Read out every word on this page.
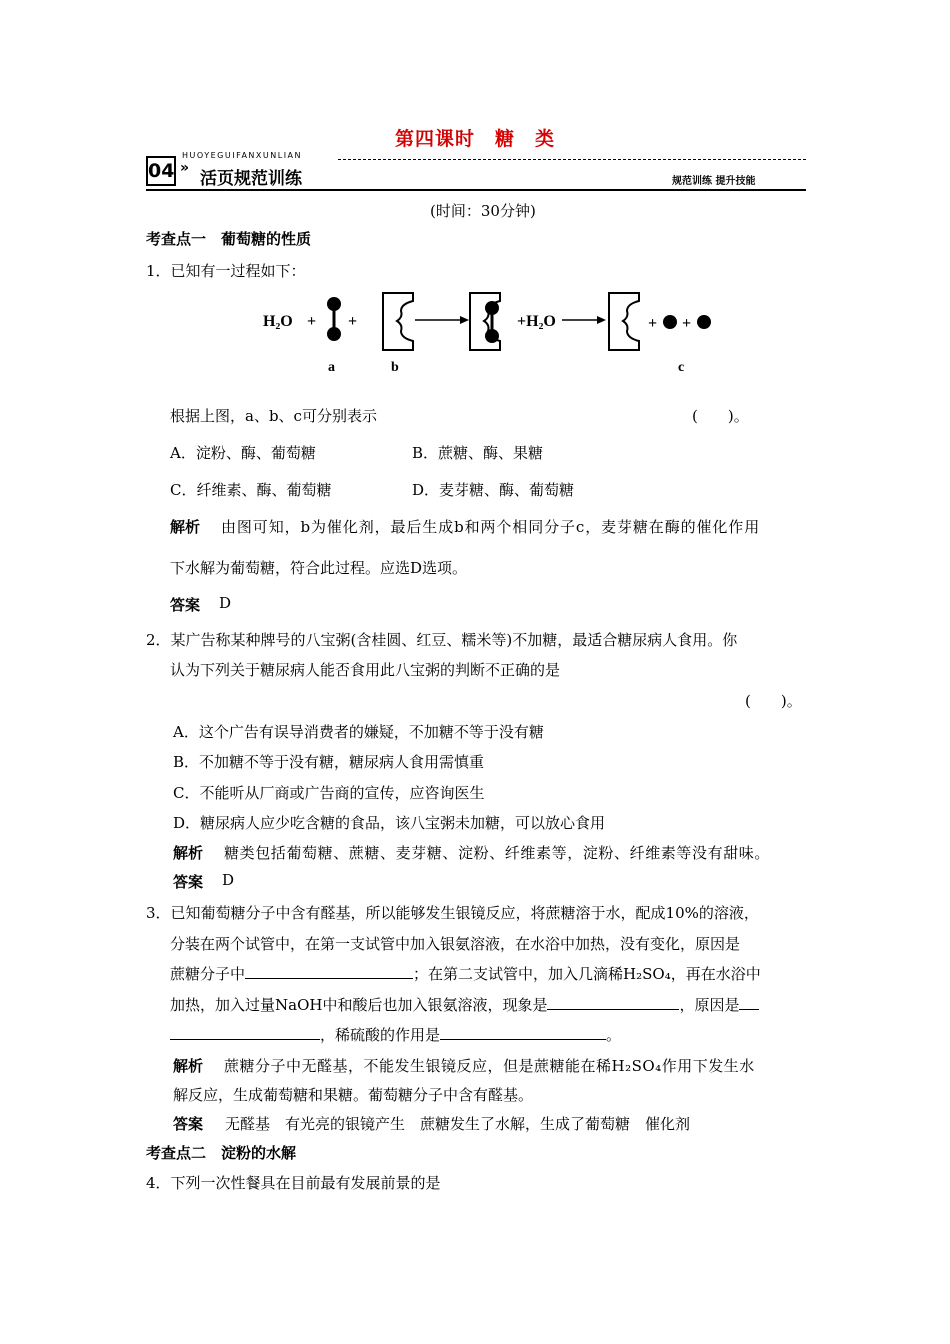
第四课时　糖　类
04 »
HUOYEGUIFANXUNLIAN
活页规范训练	规范训练 提升技能
(时间：30分钟)
考查点一　葡萄糖的性质
1．已知有一过程如下：
H₂O + +	+H₂O	+ +
a	b	c
根据上图，a、b、c可分别表示	(　　)。
A．淀粉、酶、葡萄糖	B．蔗糖、酶、果糖
C．纤维素、酶、葡萄糖	D．麦芽糖、酶、葡萄糖
解析 由图可知，b为催化剂，最后生成b和两个相同分子c，麦芽糖在酶的催化作用
下水解为葡萄糖，符合此过程。应选D选项。
答案 D
2．某广告称某种牌号的八宝粥(含桂圆、红豆、糯米等)不加糖，最适合糖尿病人食用。你
认为下列关于糖尿病人能否食用此八宝粥的判断不正确的是
(　　)。
A．这个广告有误导消费者的嫌疑，不加糖不等于没有糖
B．不加糖不等于没有糖，糖尿病人食用需慎重
C．不能听从厂商或广告商的宣传，应咨询医生
D．糖尿病人应少吃含糖的食品，该八宝粥未加糖，可以放心食用
解析 糖类包括葡萄糖、蔗糖、麦芽糖、淀粉、纤维素等，淀粉、纤维素等没有甜味。
答案 D
3．已知葡萄糖分子中含有醛基，所以能够发生银镜反应，将蔗糖溶于水，配成10%的溶液，
分装在两个试管中，在第一支试管中加入银氨溶液，在水浴中加热，没有变化，原因是
蔗糖分子中	；在第二支试管中，加入几滴稀H₂SO₄，再在水浴中
加热，加入过量NaOH中和酸后也加入银氨溶液，现象是	，原因是
，稀硫酸的作用是	。
解析 蔗糖分子中无醛基，不能发生银镜反应，但是蔗糖能在稀H₂SO₄作用下发生水
解反应，生成葡萄糖和果糖。葡萄糖分子中含有醛基。
答案 无醛基　有光亮的银镜产生　蔗糖发生了水解，生成了葡萄糖　催化剂
考查点二　淀粉的水解
4．下列一次性餐具在目前最有发展前景的是
